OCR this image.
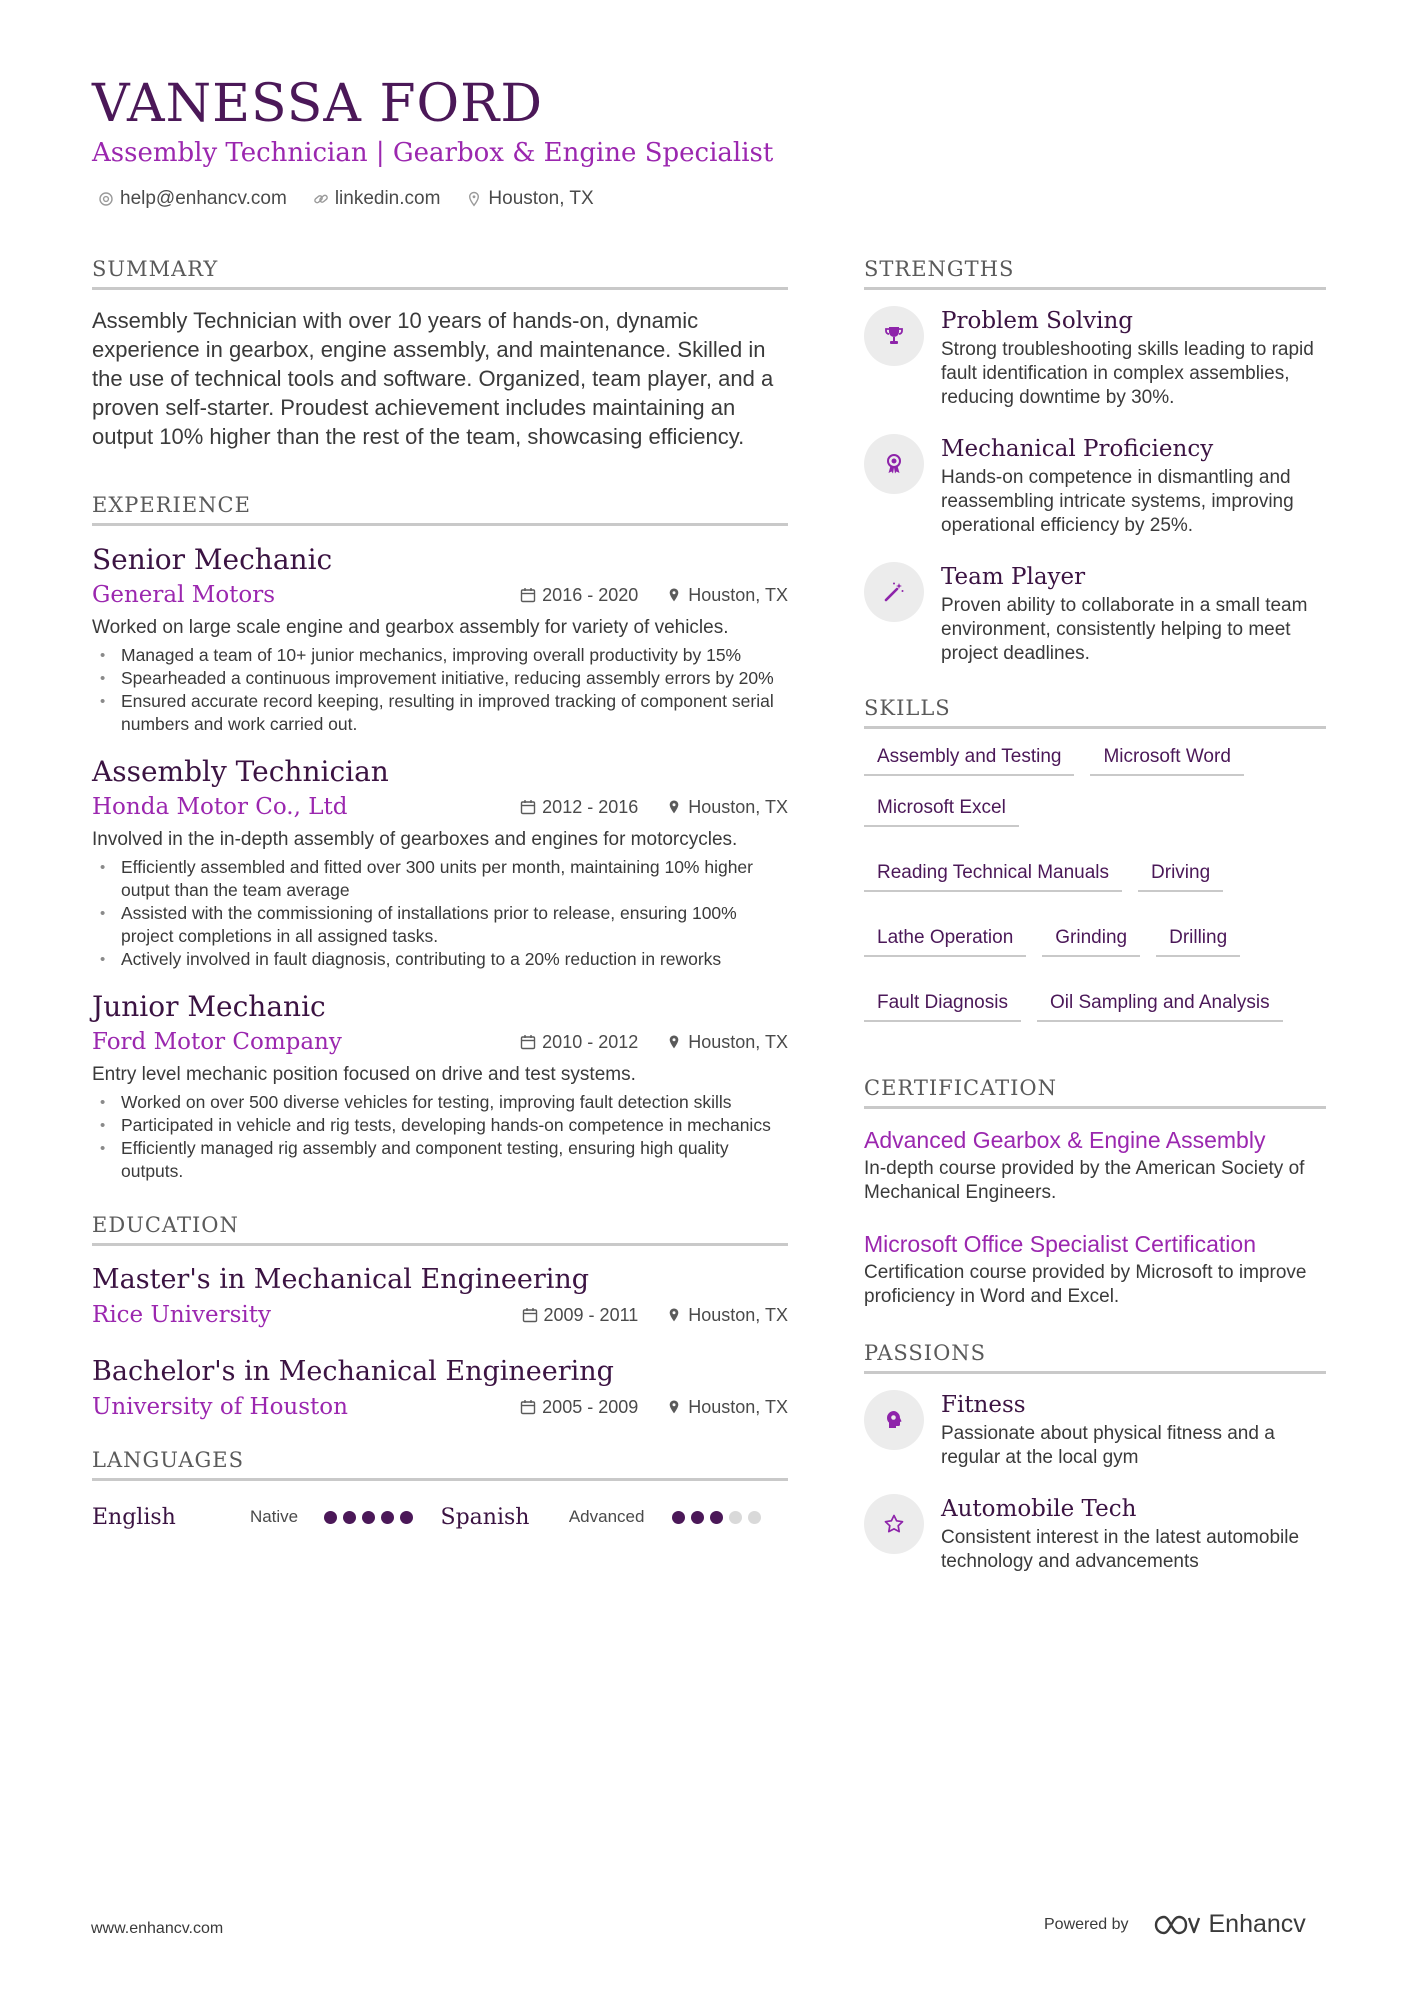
VANESSA FORD
Assembly Technician | Gearbox & Engine Specialist
help@enhancv.com	linkedin.com	Houston, TX
SUMMARY

Assembly Technician with over 10 years of hands-on, dynamic experience in gearbox, engine assembly, and maintenance. Skilled in the use of technical tools and software. Organized, team player, and a proven self-starter. Proudest achievement includes maintaining an output 10% higher than the rest of the team, showcasing efficiency.

EXPERIENCE
Senior Mechanic
General Motors	2016 - 2020	Houston, TX
Worked on large scale engine and gearbox assembly for variety of vehicles.
• Managed a team of 10+ junior mechanics, improving overall productivity by 15%
• Spearheaded a continuous improvement initiative, reducing assembly errors by 20%
• Ensured accurate record keeping, resulting in improved tracking of component serial numbers and work carried out.
Assembly Technician
Honda Motor Co., Ltd	2012 - 2016	Houston, TX
Involved in the in-depth assembly of gearboxes and engines for motorcycles.
• Efficiently assembled and fitted over 300 units per month, maintaining 10% higher output than the team average
• Assisted with the commissioning of installations prior to release, ensuring 100% project completions in all assigned tasks.
• Actively involved in fault diagnosis, contributing to a 20% reduction in reworks
Junior Mechanic
Ford Motor Company	2010 - 2012	Houston, TX
Entry level mechanic position focused on drive and test systems.
• Worked on over 500 diverse vehicles for testing, improving fault detection skills
• Participated in vehicle and rig tests, developing hands-on competence in mechanics
• Efficiently managed rig assembly and component testing, ensuring high quality outputs.
EDUCATION
Master's in Mechanical Engineering
Rice University	2009 - 2011	Houston, TX
Bachelor's in Mechanical Engineering
University of Houston	2005 - 2009	Houston, TX
LANGUAGES
English	Native	Spanish	Advanced
STRENGTHS
Problem Solving
Strong troubleshooting skills leading to rapid fault identification in complex assemblies, reducing downtime by 30%.
Mechanical Proficiency
Hands-on competence in dismantling and reassembling intricate systems, improving operational efficiency by 25%.
Team Player
Proven ability to collaborate in a small team environment, consistently helping to meet project deadlines.
SKILLS
Assembly and Testing	Microsoft Word
Microsoft Excel
Reading Technical Manuals	Driving
Lathe Operation	Grinding	Drilling
Fault Diagnosis	Oil Sampling and Analysis
CERTIFICATION
Advanced Gearbox & Engine Assembly
In-depth course provided by the American Society of Mechanical Engineers.
Microsoft Office Specialist Certification
Certification course provided by Microsoft to improve proficiency in Word and Excel.
PASSIONS
Fitness
Passionate about physical fitness and a regular at the local gym
Automobile Tech
Consistent interest in the latest automobile technology and advancements
www.enhancv.com	Powered by	Enhancv
